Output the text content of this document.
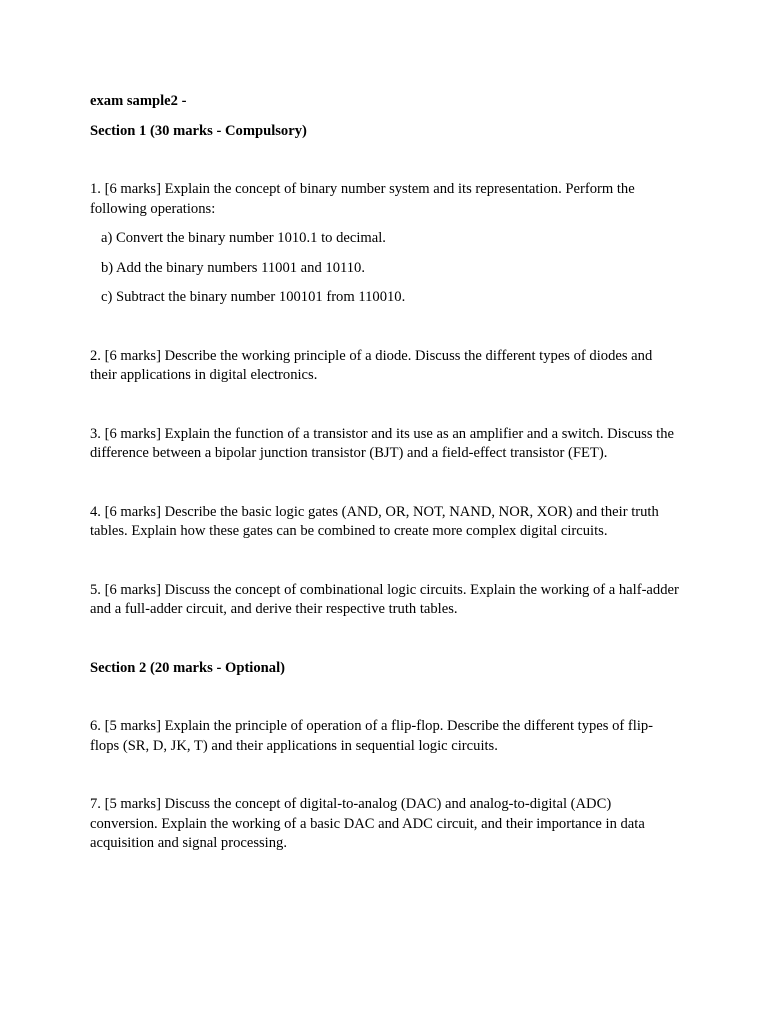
exam sample2 -

Section 1 (30 marks - Compulsory)

1. [6 marks] Explain the concept of binary number system and its representation. Perform the following operations:

a) Convert the binary number 1010.1 to decimal.
b) Add the binary numbers 11001 and 10110.
c) Subtract the binary number 100101 from 110010.

2. [6 marks] Describe the working principle of a diode. Discuss the different types of diodes and their applications in digital electronics.

3. [6 marks] Explain the function of a transistor and its use as an amplifier and a switch. Discuss the difference between a bipolar junction transistor (BJT) and a field-effect transistor (FET).

4. [6 marks] Describe the basic logic gates (AND, OR, NOT, NAND, NOR, XOR) and their truth tables. Explain how these gates can be combined to create more complex digital circuits.

5. [6 marks] Discuss the concept of combinational logic circuits. Explain the working of a half-adder and a full-adder circuit, and derive their respective truth tables.

Section 2 (20 marks - Optional)

6. [5 marks] Explain the principle of operation of a flip-flop. Describe the different types of flip-flops (SR, D, JK, T) and their applications in sequential logic circuits.

7. [5 marks] Discuss the concept of digital-to-analog (DAC) and analog-to-digital (ADC) conversion. Explain the working of a basic DAC and ADC circuit, and their importance in data acquisition and signal processing.
